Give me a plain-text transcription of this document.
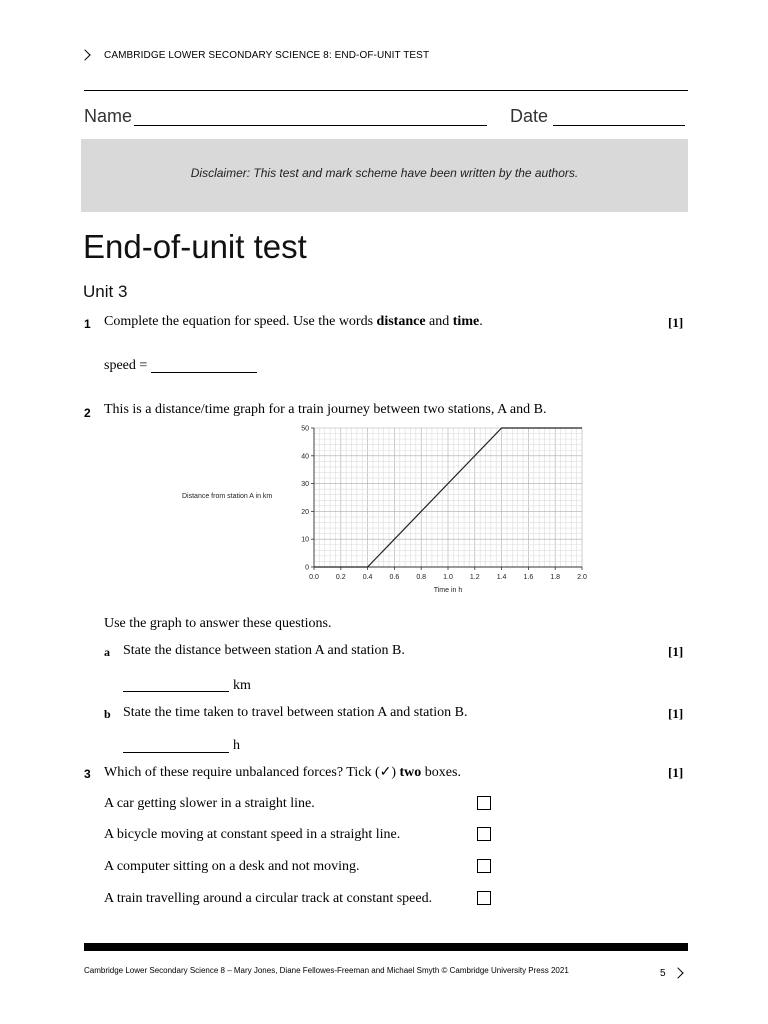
CAMBRIDGE LOWER SECONDARY SCIENCE 8: END-OF-UNIT TEST
Name	Date
Disclaimer: This test and mark scheme have been written by the authors.
End-of-unit test
Unit 3
1 Complete the equation for speed. Use the words distance and time.	[1]
speed =
2 This is a distance/time graph for a train journey between two stations, A and B.
Distance from station A in km
0.0 0.2 0.4 0.6 0.8 1.0 1.2 1.4 1.6 1.8 2.0
0
10
20
30
40
50
Time in h
Use the graph to answer these questions.
a State the distance between station A and station B.	[1]
km
b State the time taken to travel between station A and station B.	[1]
h
3 Which of these require unbalanced forces? Tick (✓) two boxes.	[1]
A car getting slower in a straight line.
A bicycle moving at constant speed in a straight line.
A computer sitting on a desk and not moving.
A train travelling around a circular track at constant speed.
Cambridge Lower Secondary Science 8 – Mary Jones, Diane Fellowes-Freeman and Michael Smyth © Cambridge University Press 2021	5
